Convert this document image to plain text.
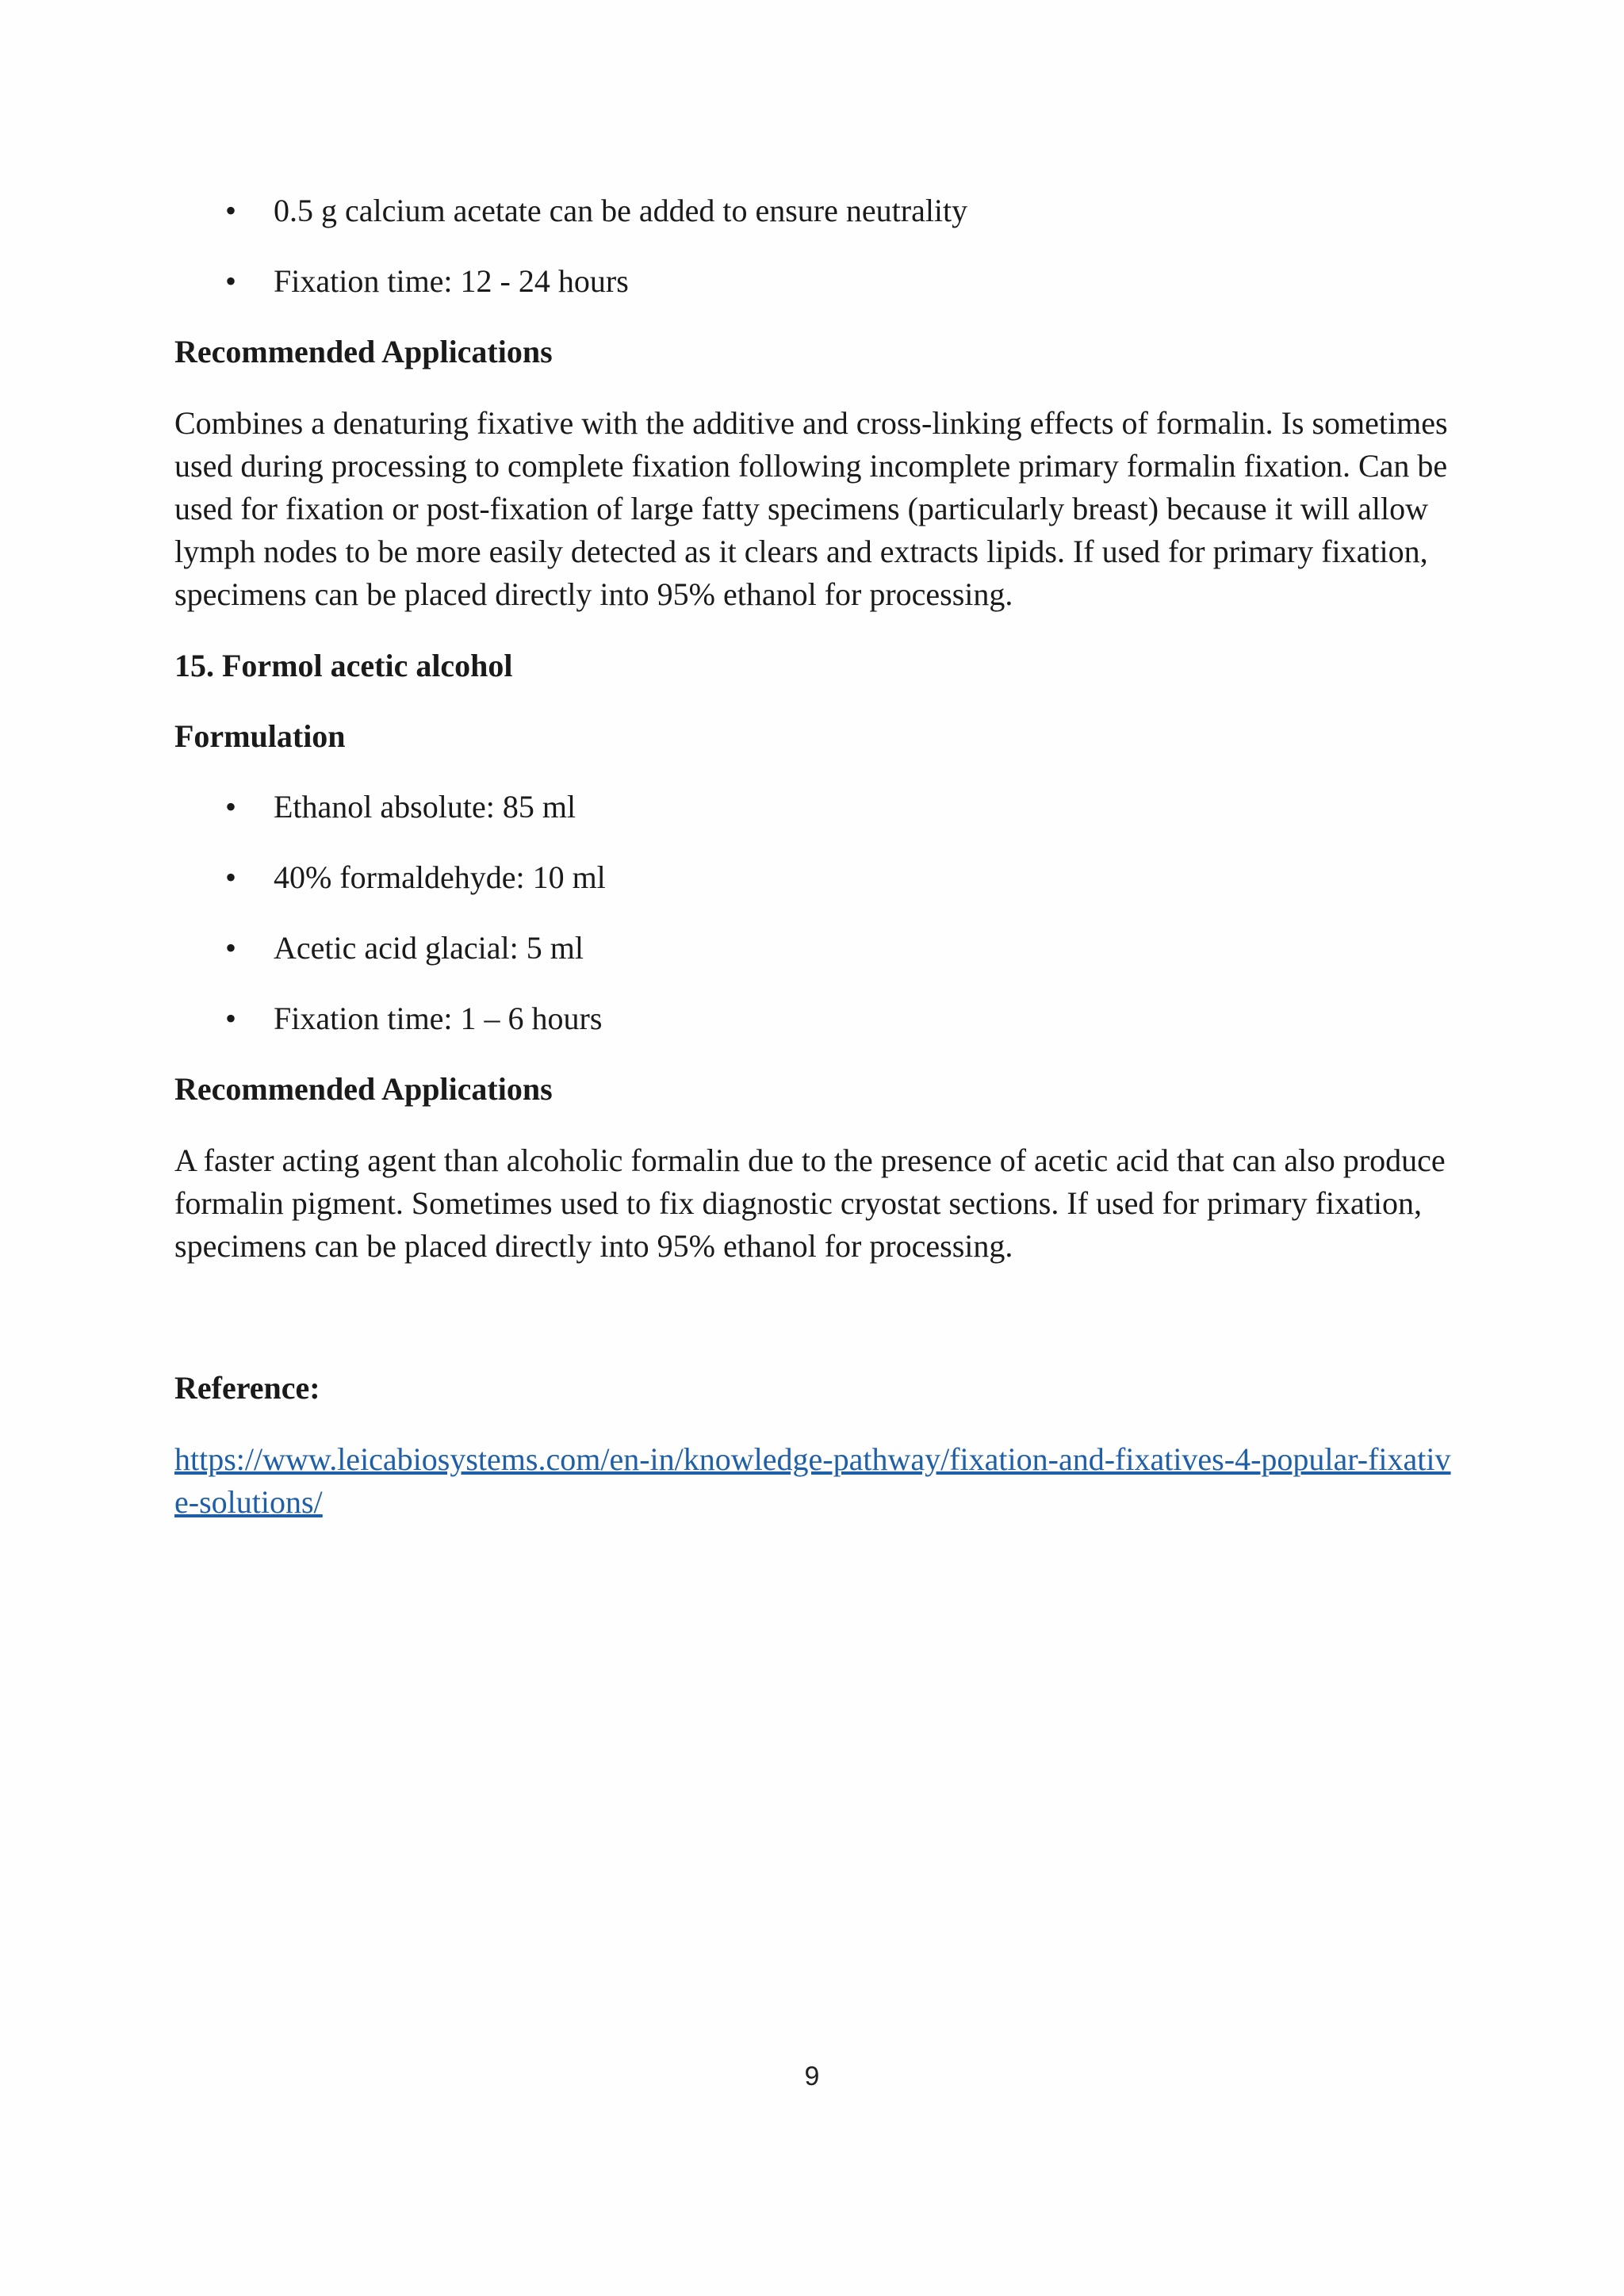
• 0.5 g calcium acetate can be added to ensure neutrality
• Fixation time: 12 - 24 hours

Recommended Applications

Combines a denaturing fixative with the additive and cross-linking effects of formalin. Is sometimes used during processing to complete fixation following incomplete primary formalin fixation. Can be used for fixation or post-fixation of large fatty specimens (particularly breast) because it will allow lymph nodes to be more easily detected as it clears and extracts lipids. If used for primary fixation, specimens can be placed directly into 95% ethanol for processing.

15. Formol acetic alcohol

Formulation

• Ethanol absolute: 85 ml
• 40% formaldehyde: 10 ml
• Acetic acid glacial: 5 ml
• Fixation time: 1 – 6 hours

Recommended Applications

A faster acting agent than alcoholic formalin due to the presence of acetic acid that can also produce formalin pigment. Sometimes used to fix diagnostic cryostat sections. If used for primary fixation, specimens can be placed directly into 95% ethanol for processing.

Reference:

https://www.leicabiosystems.com/en-in/knowledge-pathway/fixation-and-fixatives-4-popular-fixative-solutions/

9
